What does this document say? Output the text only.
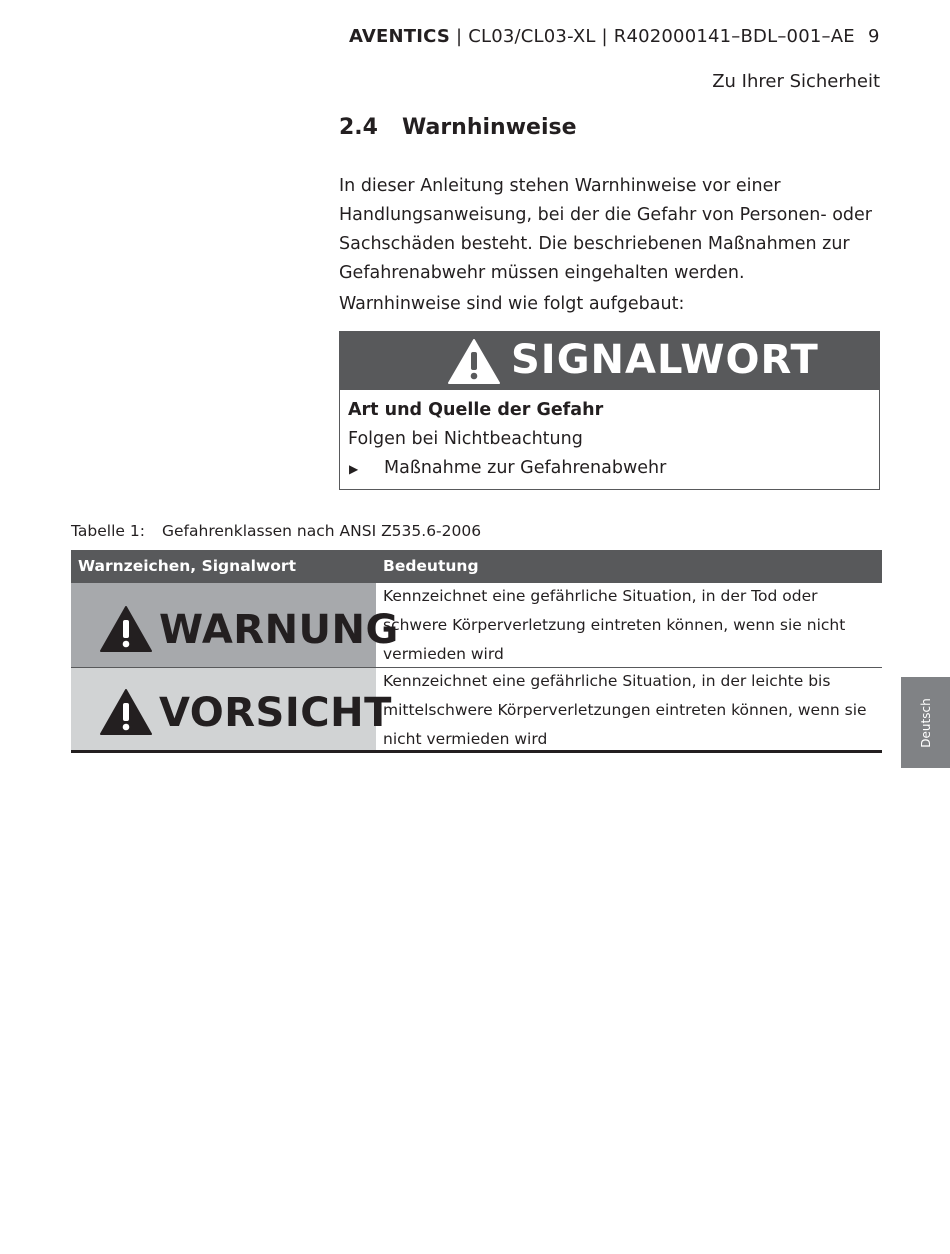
AVENTICS | CL03/CL03-XL | R402000141–BDL–001–AE 9
Zu Ihrer Sicherheit
2.4 Warnhinweise
In dieser Anleitung stehen Warnhinweise vor einer Handlungsanweisung, bei der die Gefahr von Personen- oder Sachschäden besteht. Die beschriebenen Maßnahmen zur Gefahrenabwehr müssen eingehalten werden.
Warnhinweise sind wie folgt aufgebaut:
SIGNALWORT
Art und Quelle der Gefahr
Folgen bei Nichtbeachtung
▶ Maßnahme zur Gefahrenabwehr
Tabelle 1: Gefahrenklassen nach ANSI Z535.6-2006
Warnzeichen, Signalwort	Bedeutung
WARNUNG
Kennzeichnet eine gefährliche Situation, in der Tod oder schwere Körperverletzung eintreten können, wenn sie nicht vermieden wird
VORSICHT
Kennzeichnet eine gefährliche Situation, in der leichte bis mittelschwere Körperverletzungen eintreten können, wenn sie nicht vermieden wird	Deutsch
